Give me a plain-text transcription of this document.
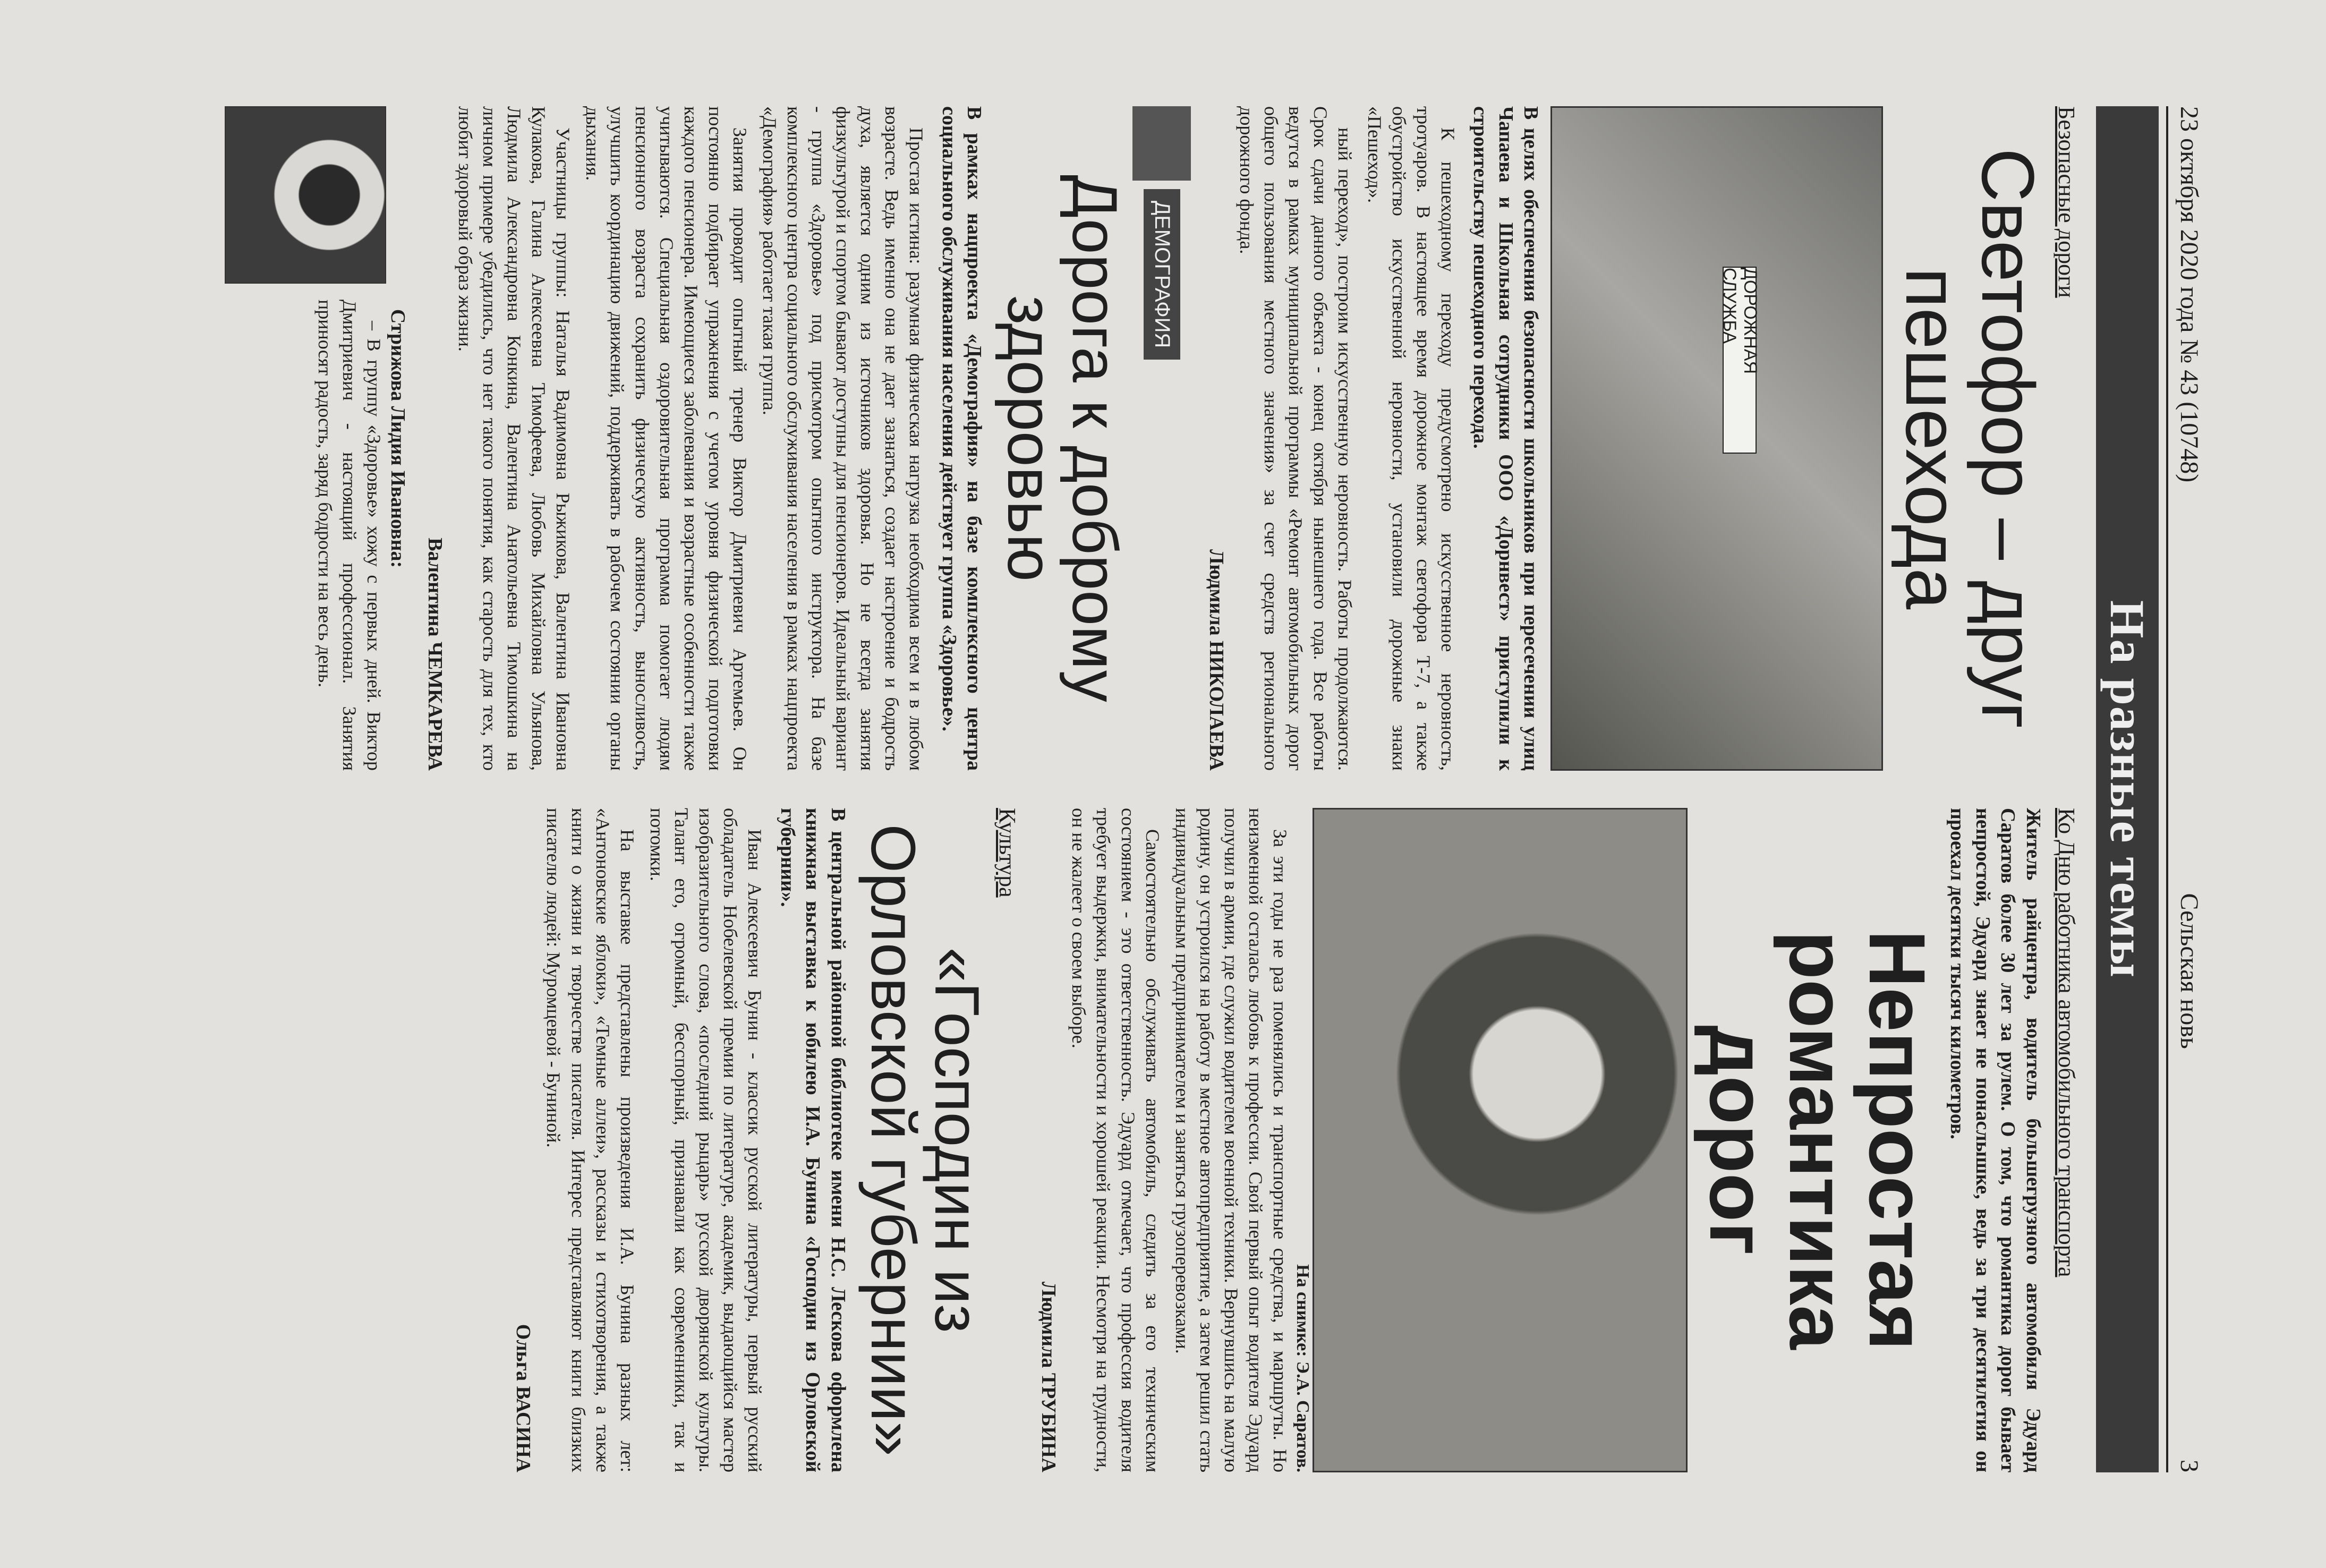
23 октября 2020 года № 43 (10748)
Сельская новь
3
На разные темы
Безопасные дороги
Светофор – друг пешехода
ДОРОЖНАЯ СЛУЖБА
В целях обеспечения безопасности школьников при пересечении улиц Чапаева и Школьная сотрудники ООО «Дорнвест» приступили к строительству пешеходного перехода.

К пешеходному переходу предусмотрено искусственное неровность, тротуаров. В настоящее время дорожное монтаж светофора Т-7, а также обустройство искусственной неровности, установили дорожные знаки «Пешеход».

ный переход», построим искусственную неровность. Работы продолжаются. Срок сдачи данного объекта - конец октября нынешнего года. Все работы ведутся в рамках муниципальной программы «Ремонт автомобильных дорог общего пользования местного значения» за счет средств регионального дорожного фонда.

Людмила НИКОЛАЕВА
ДЕМОГРАФИЯ
Дорога к доброму здоровью
В рамках нацпроекта «Демография» на базе комплексного центра социального обслуживания населения действует группа «Здоровье».

Простая истина: разумная физическая нагрузка необходима всем и в любом возрасте. Ведь именно она не дает зазнаться, создает настроение и бодрость духа, является одним из источников здоровья. Но не всегда занятия физкультурой и спортом бывают доступны для пенсионеров. Идеальный вариант - группа «Здоровье» под присмотром опытного инструктора. На базе комплексного центра социального обслуживания населения в рамках нацпроекта «Демография» работает такая группа.

Занятия проводит опытный тренер Виктор Дмитриевич Артемьев. Он постоянно подбирает упражнения с учетом уровня физической подготовки каждого пенсионера. Имеющиеся заболевания и возрастные особенности также учитываются. Специальная оздоровительная программа помогает людям пенсионного возраста сохранить физическую активность, выносливость, улучшить координацию движений, поддерживать в рабочем состоянии органы дыхания.

Участницы группы: Наталья Вадимовна Рыжикова, Валентина Ивановна Кулакова, Галина Алексеевна Тимофеева, Любовь Михайловна Ульянова, Людмила Александровна Конкина, Валентина Анатольевна Тимошкина на личном примере убедились, что нет такого понятия, как старость для тех, кто любит здоровый образ жизни.

Валентина ЧЕМКАРЕВА
Стрижова Лидия Ивановна:

– В группу «Здоровье» хожу с первых дней. Виктор Дмитриевич - настоящий профессионал. Занятия приносят радость, заряд бодрости на весь день.

Ко Дню работника автомобильного транспорта
Житель райцентра, водитель большегрузного автомобиля Эдуард Саратов более 30 лет за рулем. О том, что романтика дорог бывает непростой, Эдуард знает не понаслышке, ведь за три десятилетия он проехал десятки тысяч километров.
Непростая романтика дорог
На снимке: Э.А. Саратов.

За эти годы не раз поменялись и транспортные средства, и маршруты. Но неизменной осталась любовь к профессии. Свой первый опыт водителя Эдуард получил в армии, где служил водителем военной техники. Вернувшись на малую родину, он устроился на работу в местное автопредприятие, а затем решил стать индивидуальным предпринимателем и заняться грузоперевозками.

Самостоятельно обслуживать автомобиль, следить за его техническим состоянием - это ответственность. Эдуард отмечает, что профессия водителя требует выдержки, внимательности и хорошей реакции. Несмотря на трудности, он не жалеет о своем выборе.

Людмила ТРУБИНА
Культура
«Господин из Орловской губернии»
В центральной районной библиотеке имени Н.С. Лескова оформлена книжная выставка к юбилею И.А. Бунина «Господин из Орловской губернии».

Иван Алексеевич Бунин - классик русской литературы, первый русский обладатель Нобелевской премии по литературе, академик, выдающийся мастер изобразительного слова, «последний рыцарь» русской дворянской культуры. Талант его, огромный, бесспорный, признавали как современники, так и потомки.

На выставке представлены произведения И.А. Бунина разных лет: «Антоновские яблоки», «Темные аллеи», рассказы и стихотворения, а также книги о жизни и творчестве писателя. Интерес представляют книги близких писателю людей: Муромцевой - Буниной.

Ольга ВАСИНА
